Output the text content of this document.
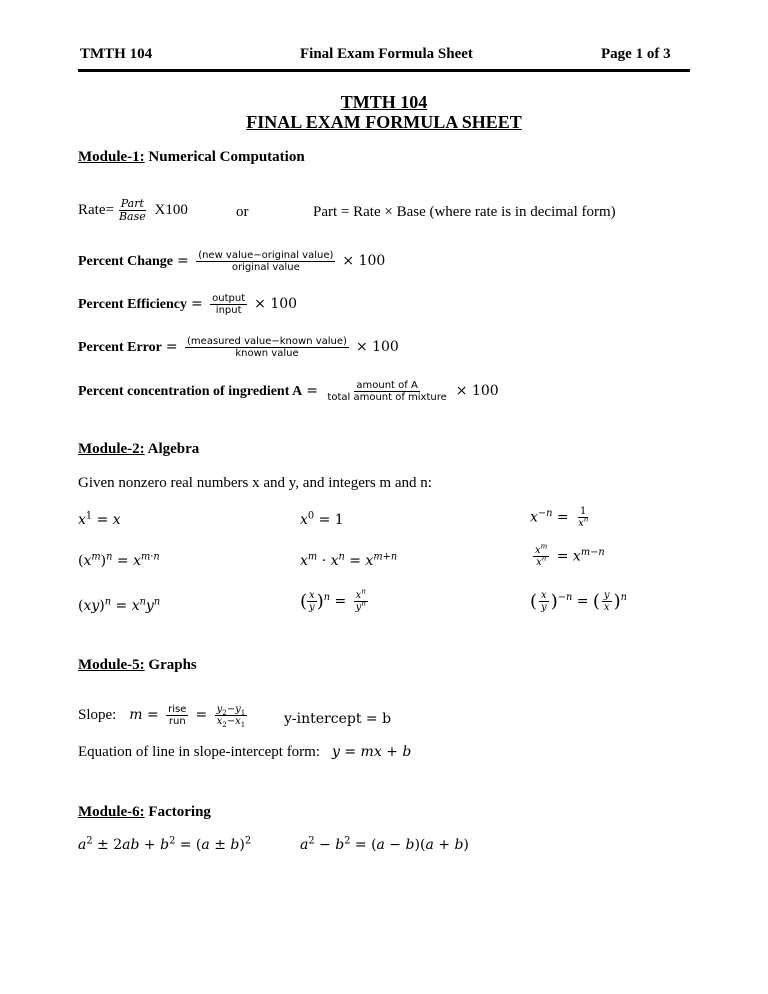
TMTH 104	Final Exam Formula Sheet	Page 1 of 3
TMTH 104
FINAL EXAM FORMULA SHEET
Module-1: Numerical Computation
Rate= $\frac{\text{Part}}{\text{Base}} X100$	or	Part = Rate × Base (where rate is in decimal form)
Percent Change = $\frac{\text{(new value−original value)}}{\text{original value}} \times 100$
Percent Efficiency = $\frac{\text{output}}{\text{input}} \times 100$
Percent Error = $\frac{\text{(measured value−known value)}}{\text{known value}} \times 100$
Percent concentration of ingredient $A = \frac{\text{amount of A}}{\text{total amount of mixture}} \times 100$
Module-2: Algebra
Given nonzero real numbers x and y, and integers m and n:
$x^1 = x$	$x^0 = 1$	$x^{-n} = \frac{1}{x^n}$
$(x^m)^n = x^{m\cdot n}$	$x^m \cdot x^n = x^{m+n}$	$\frac{x^m}{x^n} = x^{m-n}$
$(xy)^n = x^ny^n$	( $\frac{x}{y} )^n = \frac{x^n}{y^n}$	( $\frac{x}{y} )^{-n}$ = ( $\frac{y}{x} )^n$
Module-5: Graphs
Slope: $m = \frac{\text{rise}}{\text{run}} = \frac{y_2-y_1}{x_2-x_1}$	y-intercept = b
Equation of line in slope-intercept form: y = mx + b
Module-6: Factoring
$a^2 \pm 2ab + b^2 = (a \pm b)^2$	$a^2 - b^2 = (a - b)(a + b)$
